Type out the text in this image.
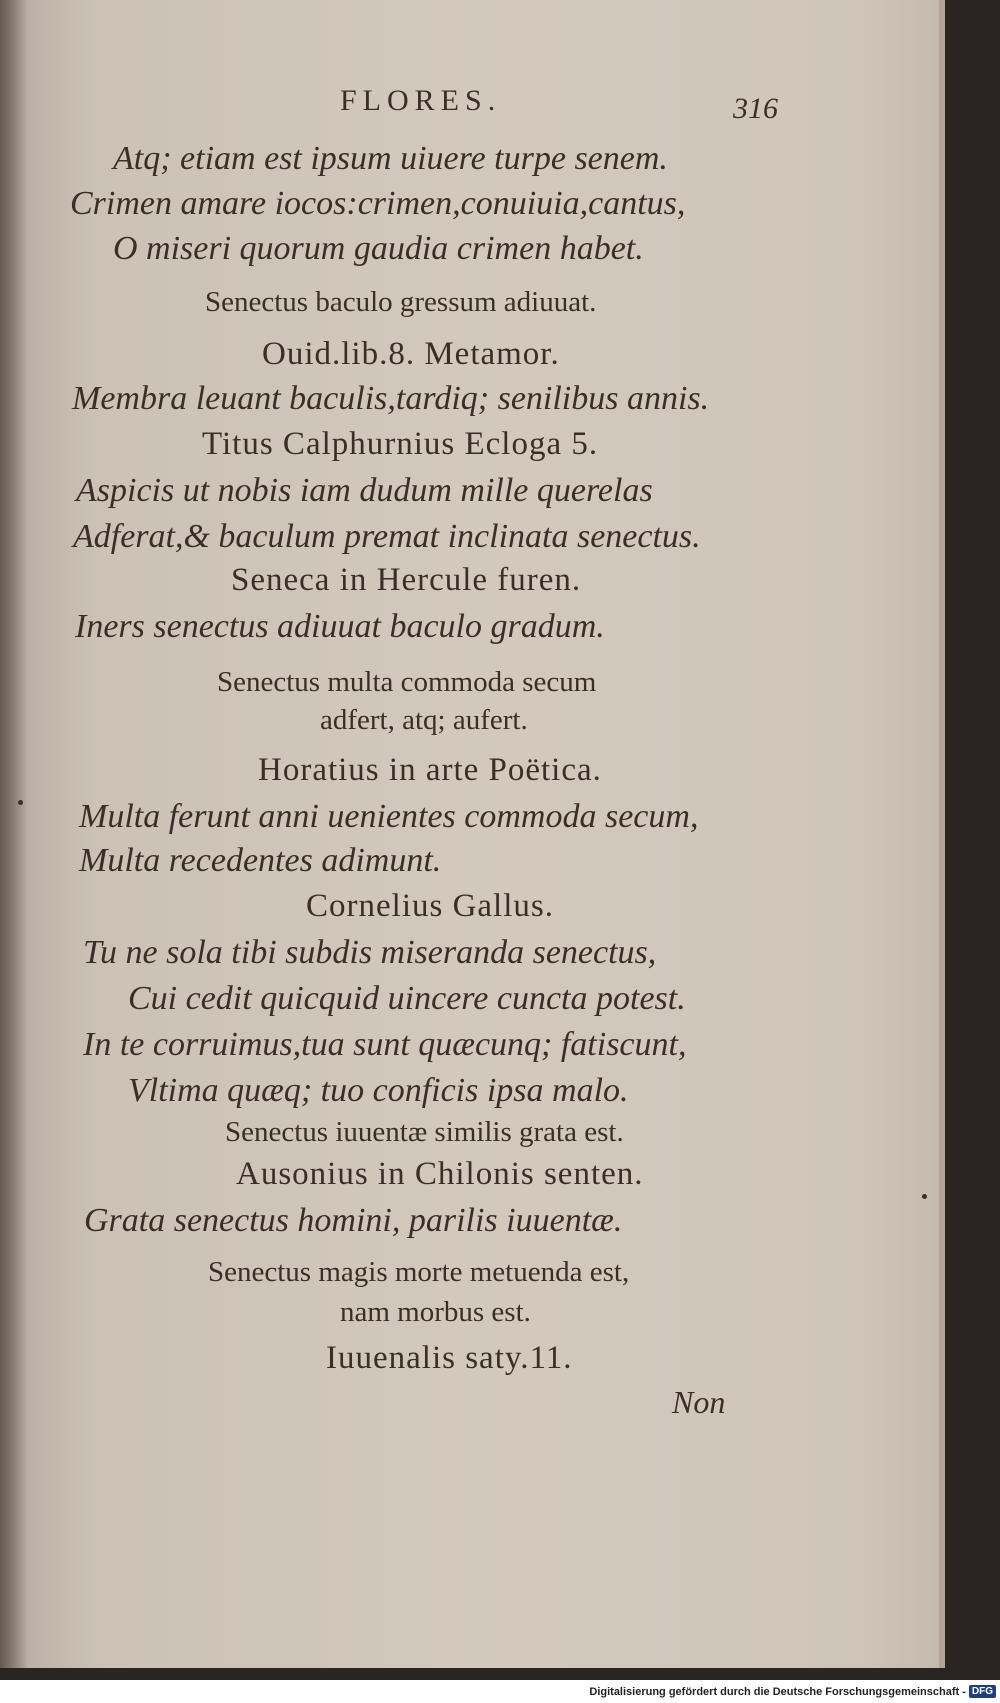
FLORES.	316
Atq; etiam est ipsum uiuere turpe senem.
Crimen amare iocos:crimen,conuiuia,cantus,
O miseri quorum gaudia crimen habet.
Senectus baculo gressum adiuuat.
Ouid.lib.8. Metamor.
Membra leuant baculis,tardiq; senilibus annis.
Titus Calphurnius Ecloga 5.
Aspicis ut nobis iam dudum mille querelas
Adferat,& baculum premat inclinata senectus.
Seneca in Hercule furen.
Iners senectus adiuuat baculo gradum.
Senectus multa commoda secum
adfert, atq; aufert.
Horatius in arte Poëtica.
Multa ferunt anni uenientes commoda secum,
Multa recedentes adimunt.
Cornelius Gallus.
Tu ne sola tibi subdis miseranda senectus,
Cui cedit quicquid uincere cuncta potest.
In te corruimus,tua sunt quæcunq; fatiscunt,
Vltima quæq; tuo conficis ipsa malo.
Senectus iuuentæ similis grata est.
Ausonius in Chilonis senten.
Grata senectus homini, parilis iuuentæ.
Senectus magis morte metuenda est,
nam morbus est.
Iuuenalis saty.11.
Non
Digitalisierung gefördert durch die Deutsche Forschungsgemeinschaft - DFG
